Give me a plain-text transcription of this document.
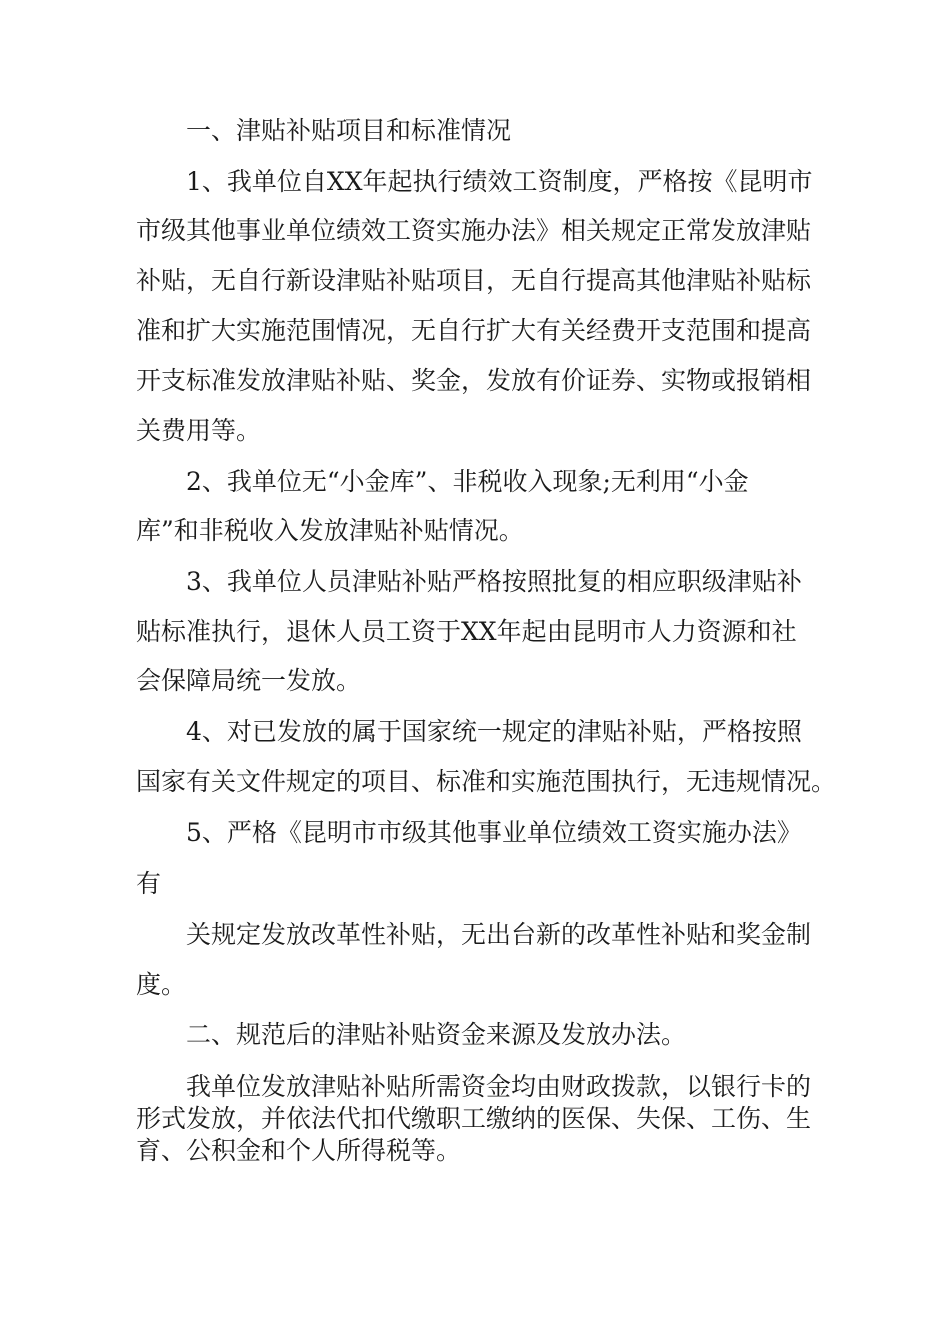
一、津贴补贴项目和标准情况

1、我单位自XX年起执行绩效工资制度，严格按《昆明市

市级其他事业单位绩效工资实施办法》相关规定正常发放津贴

补贴，无自行新设津贴补贴项目，无自行提高其他津贴补贴标

准和扩大实施范围情况，无自行扩大有关经费开支范围和提高

开支标准发放津贴补贴、奖金，发放有价证券、实物或报销相

关费用等。

2、我单位无“小金库”、非税收入现象;无利用“小金

库”和非税收入发放津贴补贴情况。

3、我单位人员津贴补贴严格按照批复的相应职级津贴补

贴标准执行，退休人员工资于XX年起由昆明市人力资源和社

会保障局统一发放。

4、对已发放的属于国家统一规定的津贴补贴，严格按照

国家有关文件规定的项目、标准和实施范围执行，无违规情况。

5、严格《昆明市市级其他事业单位绩效工资实施办法》

有

关规定发放改革性补贴，无出台新的改革性补贴和奖金制

度。

二、规范后的津贴补贴资金来源及发放办法。

我单位发放津贴补贴所需资金均由财政拨款，以银行卡的

形式发放，并依法代扣代缴职工缴纳的医保、失保、工伤、生

育、公积金和个人所得税等。
